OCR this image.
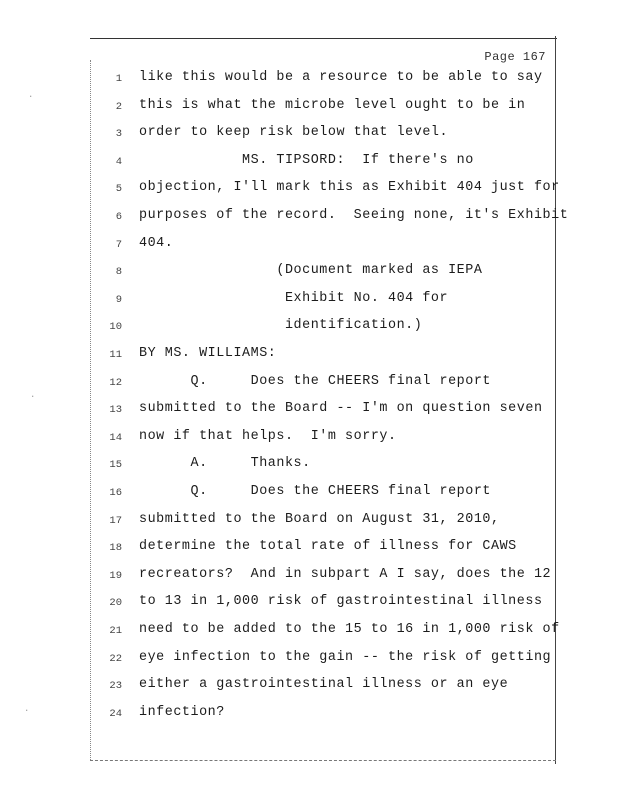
Page 167
·
·
·
1 like this would be a resource to be able to say
2 this is what the microbe level ought to be in
3 order to keep risk below that level.
4 MS. TIPSORD:  If there's no
5 objection, I'll mark this as Exhibit 404 just for
6 purposes of the record.  Seeing none, it's Exhibit
7 404.
8 (Document marked as IEPA
9 Exhibit No. 404 for
10 identification.)
11 BY MS. WILLIAMS:
12 Q.     Does the CHEERS final report
13 submitted to the Board -- I'm on question seven
14 now if that helps.  I'm sorry.
15 A.     Thanks.
16 Q.     Does the CHEERS final report
17 submitted to the Board on August 31, 2010,
18 determine the total rate of illness for CAWS
19 recreators?  And in subpart A I say, does the 12
20 to 13 in 1,000 risk of gastrointestinal illness
21 need to be added to the 15 to 16 in 1,000 risk of
22 eye infection to the gain -- the risk of getting
23 either a gastrointestinal illness or an eye
24 infection?
